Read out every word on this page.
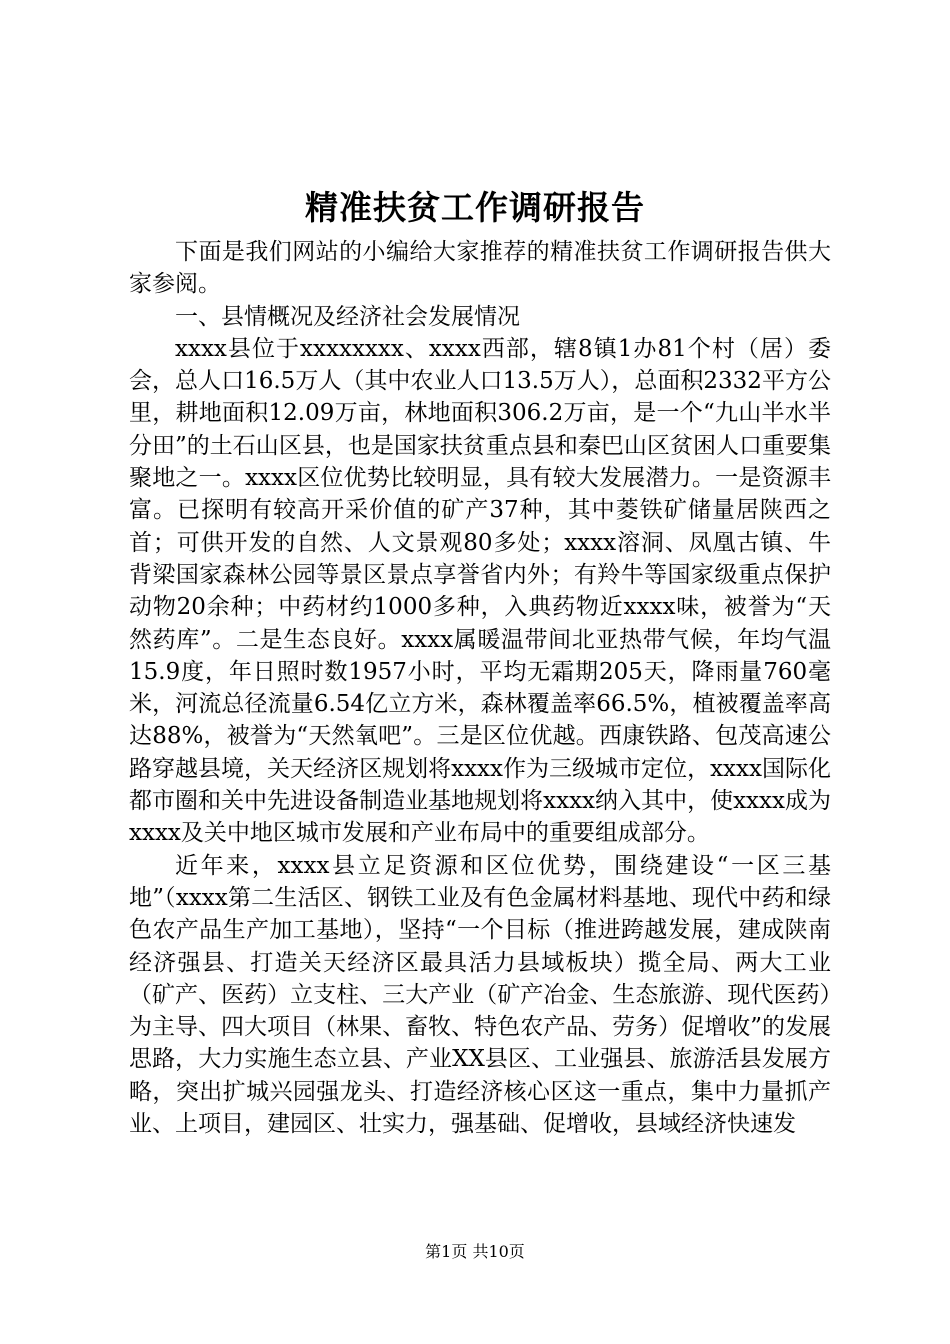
精准扶贫工作调研报告

下面是我们网站的小编给大家推荐的精准扶贫工作调研报告供大家参阅。

一、县情概况及经济社会发展情况

xxxx县位于xxxxxxxx、xxxx西部，辖8镇1办81个村（居）委会，总人口16.5万人（其中农业人口13.5万人），总面积2332平方公里，耕地面积12.09万亩，林地面积306.2万亩，是一个“九山半水半分田”的土石山区县，也是国家扶贫重点县和秦巴山区贫困人口重要集聚地之一。xxxx区位优势比较明显，具有较大发展潜力。一是资源丰富。已探明有较高开采价值的矿产37种，其中菱铁矿储量居陕西之首；可供开发的自然、人文景观80多处；xxxx溶洞、凤凰古镇、牛背梁国家森林公园等景区景点享誉省内外；有羚牛等国家级重点保护动物20余种；中药材约1000多种，入典药物近xxxx味，被誉为“天然药库”。二是生态良好。xxxx属暖温带间北亚热带气候，年均气温15.9度，年日照时数1957小时，平均无霜期205天，降雨量760毫米，河流总径流量6.54亿立方米，森林覆盖率66.5%，植被覆盖率高达88%，被誉为“天然氧吧”。三是区位优越。西康铁路、包茂高速公路穿越县境，关天经济区规划将xxxx作为三级城市定位，xxxx国际化都市圈和关中先进设备制造业基地规划将xxxx纳入其中，使xxxx成为xxxx及关中地区城市发展和产业布局中的重要组成部分。

近年来，xxxx县立足资源和区位优势，围绕建设“一区三基地”（xxxx第二生活区、钢铁工业及有色金属材料基地、现代中药和绿色农产品生产加工基地），坚持“一个目标（推进跨越发展，建成陕南经济强县、打造关天经济区最具活力县域板块）揽全局、两大工业（矿产、医药）立支柱、三大产业（矿产冶金、生态旅游、现代医药）为主导、四大项目（林果、畜牧、特色农产品、劳务）促增收”的发展思路，大力实施生态立县、产业XX县区、工业强县、旅游活县发展方略，突出扩城兴园强龙头、打造经济核心区这一重点，集中力量抓产业、上项目，建园区、壮实力，强基础、促增收，县域经济快速发

第1页 共10页
